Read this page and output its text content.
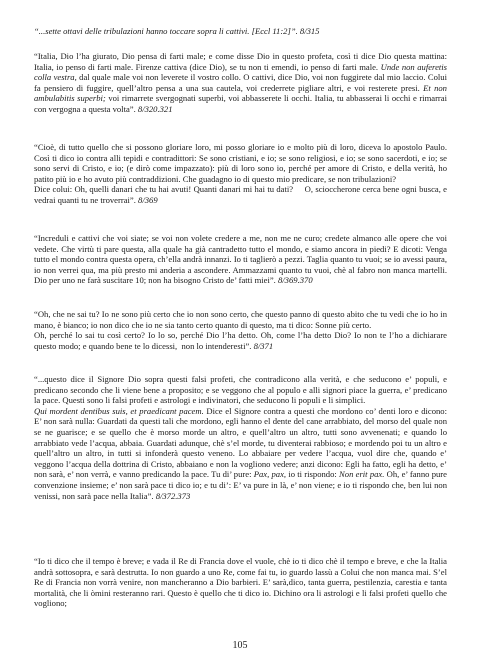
“...sette ottavi delle tribulazioni hanno toccare sopra li cattivi. [Eccl 11:2]”. 8/315

“Italia, Dio l’ha giurato, Dio pensa di farti male; e come disse Dio in questo profeta, così ti dice Dio questa mattina: Italia, io penso di farti male. Firenze cattiva (dice Dio), se tu non ti emendi, io penso di farti male. Unde non auferetis colla vestra, dal quale male voi non leverete il vostro collo. O cattivi, dice Dio, voi non fuggirete dal mio laccio. Colui fa pensiero di fuggire, quell’altro pensa a una sua cautela, voi crederrete pigliare altri, e voi resterete presi. Et non ambulabitis superbi; voi rimarrete svergognati superbi, voi abbasserete li occhi. Italia, tu abbasserai li occhi e rimarrai con vergogna a questa volta”. 8/320.321

“Cioè, di tutto quello che si possono gloriare loro, mi posso gloriare io e molto più di loro, diceva lo apostolo Paulo. Così ti dico io contra alli tepidi e contradittori: Se sono cristiani, e io; se sono religiosi, e io; se sono sacerdoti, e io; se sono servi di Cristo, e io; (e dirò come impazzato): più di loro sono io, perché per amore di Cristo, e della verità, ho patito più io e ho avuto più contraddizioni. Che guadagno io di questo mio predicare, se non tribulazioni?

Dice colui: Oh, quelli danari che tu hai avuti! Quanti danari mi hai tu dati?     O, scioccherone cerca bene ogni busca, e  vedrai quanti tu ne troverrai”. 8/369

“Increduli e cattivi che voi siate; se voi non volete credere a me, non me ne curo; credete almanco alle opere che voi vedete. Che virtù ti pare questa, alla quale ha già cantradetto tutto el mondo, e siamo ancora in piedi? E dicoti: Venga tutto el mondo contra questa opera, ch’ella andrà innanzi. Io ti taglierò a pezzi. Taglia quanto tu vuoi; se io avessi paura, io non verrei qua, ma più presto mi anderia a ascondere. Ammazzami quanto tu vuoi, chè al fabro non manca martelli. Dio per uno ne farà suscitare 10; non ha bisogno Cristo de’ fatti miei”. 8/369.370

“Oh, che ne sai tu? Io ne sono più certo che io non sono certo, che questo panno di questo abito che tu vedi che io ho in mano, è bianco; io non dico che io ne sia tanto certo quanto di questo, ma ti dico: Sonne più certo.

Oh, perché lo sai tu così certo? Io lo so, perché Dio l’ha detto. Oh, come l’ha detto Dio? Io non te l’ho a dichiarare questo modo; e quando bene te lo dicessi,  non lo intenderesti”. 8/371

“...questo dice il Signore Dio sopra questi falsi profeti, che contradicono alla verità, e che seducono e’ populi, e predicano secondo che li viene bene a proposito; e se veggono che al populo e alli signori piace la guerra, e’ predicano la pace. Questi sono li falsi profeti e astrologi e indivinatori, che seducono li populi e li simplici.

Qui mordent dentibus suis, et praedicant pacem. Dice el Signore contra a questi che mordono co’ denti loro e dicono: E’ non sarà nulla: Guardati da questi tali che mordono, egli hanno el dente del cane arrabbiato, del morso del quale non se ne guarisce; e se quello che è morso morde un altro, e quell’altro un altro, tutti sono avvenenati; e quando lo arrabbiato vede l’acqua, abbaia. Guardati adunque, chè s’el morde, tu diventerai rabbioso; e mordendo poi tu un altro e quell’altro un altro, in tutti si infonderà questo veneno. Lo abbaiare per vedere l’acqua, vuol dire che, quando e’ veggono l’acqua della dottrina di Cristo, abbaiano e non la vogliono vedere; anzi dicono: Egli ha fatto, egli ha detto, e’ non sarà, e’ non verrà, e vanno predicando la pace. Tu di’ pure: Pax, pax, io ti rispondo: Non erit pax. Oh, e’ fanno pure convenzione insieme; e’ non sarà pace ti dico io; e tu di’: E’ va pure in là, e’ non viene; e io ti rispondo che, ben lui non venissi, non sarà pace nella Italia”. 8/372.373

“Io ti dico che il tempo è breve; e vada il Re di Francia dove el vuole, chè io ti dico chè il tempo e breve, e che la Italia andrà sottosopra, e sarà destrutta. Io non guardo a uno Re, come fai tu, io guardo lassù a Colui che non manca mai. S’el Re di Francia non vorrà venire, non mancheranno a Dio barbieri. E’ sarà,dico, tanta guerra, pestilenzia, carestia e tanta mortalità, che li òmini resteranno rari. Questo è quello che ti dico io. Dichino ora li astrologi e li falsi profeti quello che vogliono;

105
